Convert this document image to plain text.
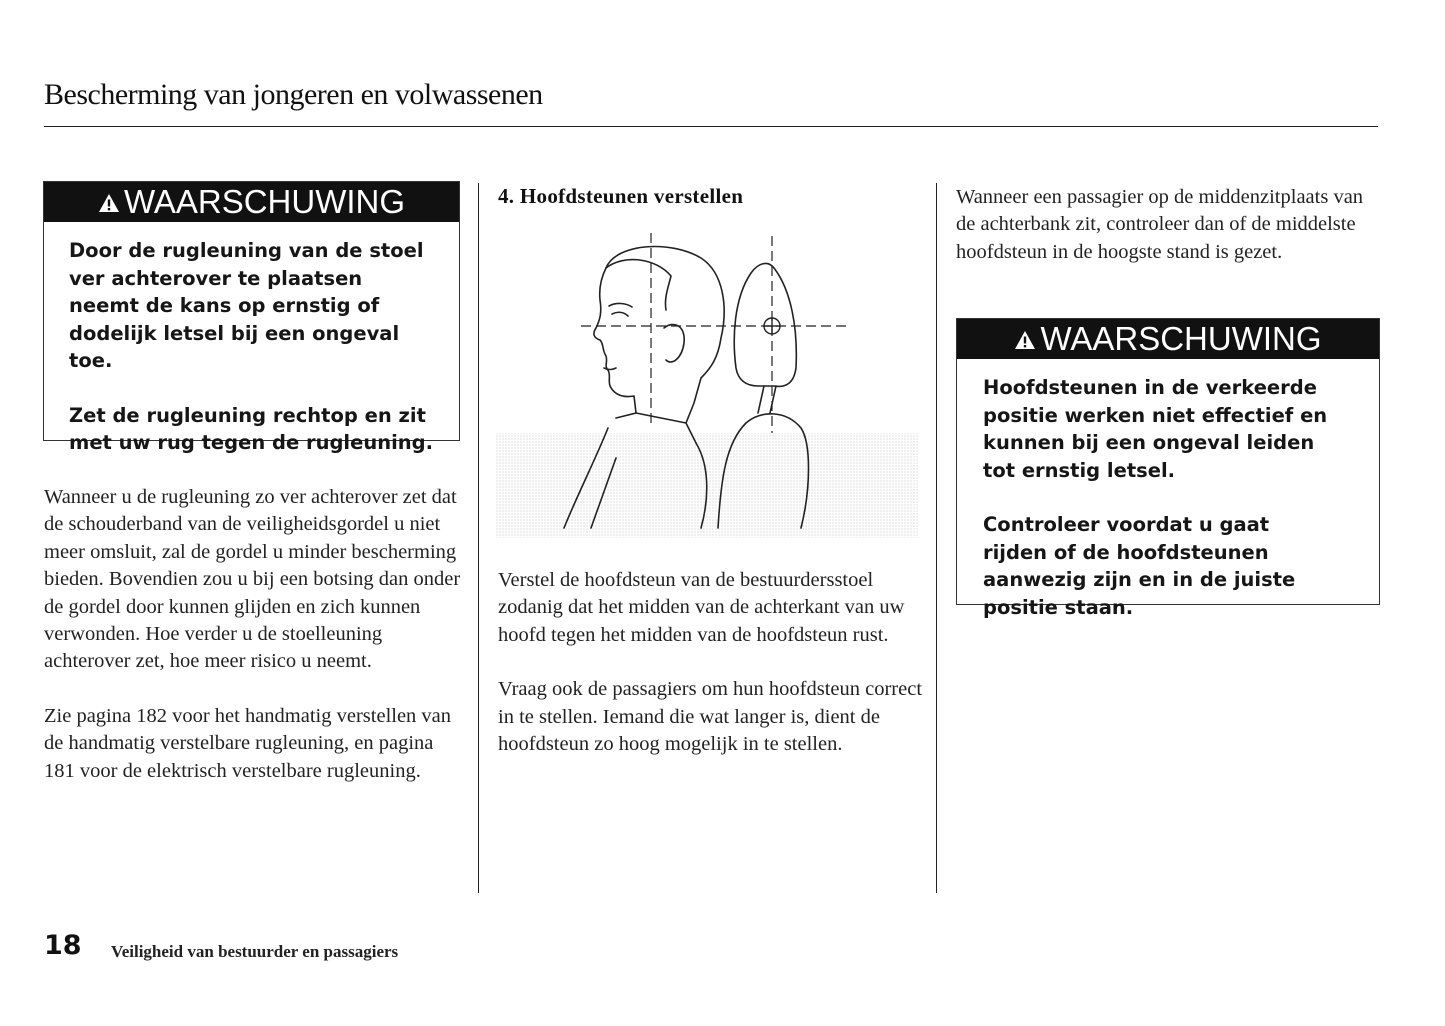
Bescherming van jongeren en volwassenen
WAARSCHUWING

Door de rugleuning van de stoel ver achterover te plaatsen neemt de kans op ernstig of dodelijk letsel bij een ongeval toe.

Zet de rugleuning rechtop en zit met uw rug tegen de rugleuning.

Wanneer u de rugleuning zo ver achterover zet dat de schouderband van de veiligheidsgordel u niet meer omsluit, zal de gordel u minder bescherming bieden. Bovendien zou u bij een botsing dan onder de gordel door kunnen glijden en zich kunnen verwonden. Hoe verder u de stoelleuning achterover zet, hoe meer risico u neemt.

Zie pagina 182 voor het handmatig verstellen van de handmatig verstelbare rugleuning, en pagina 181 voor de elektrisch verstelbare rugleuning.

4. Hoofdsteunen verstellen

Verstel de hoofdsteun van de bestuurdersstoel zodanig dat het midden van de achterkant van uw hoofd tegen het midden van de hoofdsteun rust.

Vraag ook de passagiers om hun hoofdsteun correct in te stellen. Iemand die wat langer is, dient de hoofdsteun zo hoog mogelijk in te stellen.

Wanneer een passagier op de middenzitplaats van de achterbank zit, controleer dan of de middelste hoofdsteun in de hoogste stand is gezet.

WAARSCHUWING

Hoofdsteunen in de verkeerde positie werken niet effectief en kunnen bij een ongeval leiden tot ernstig letsel.

Controleer voordat u gaat rijden of de hoofdsteunen aanwezig zijn en in de juiste positie staan.

18 Veiligheid van bestuurder en passagiers
